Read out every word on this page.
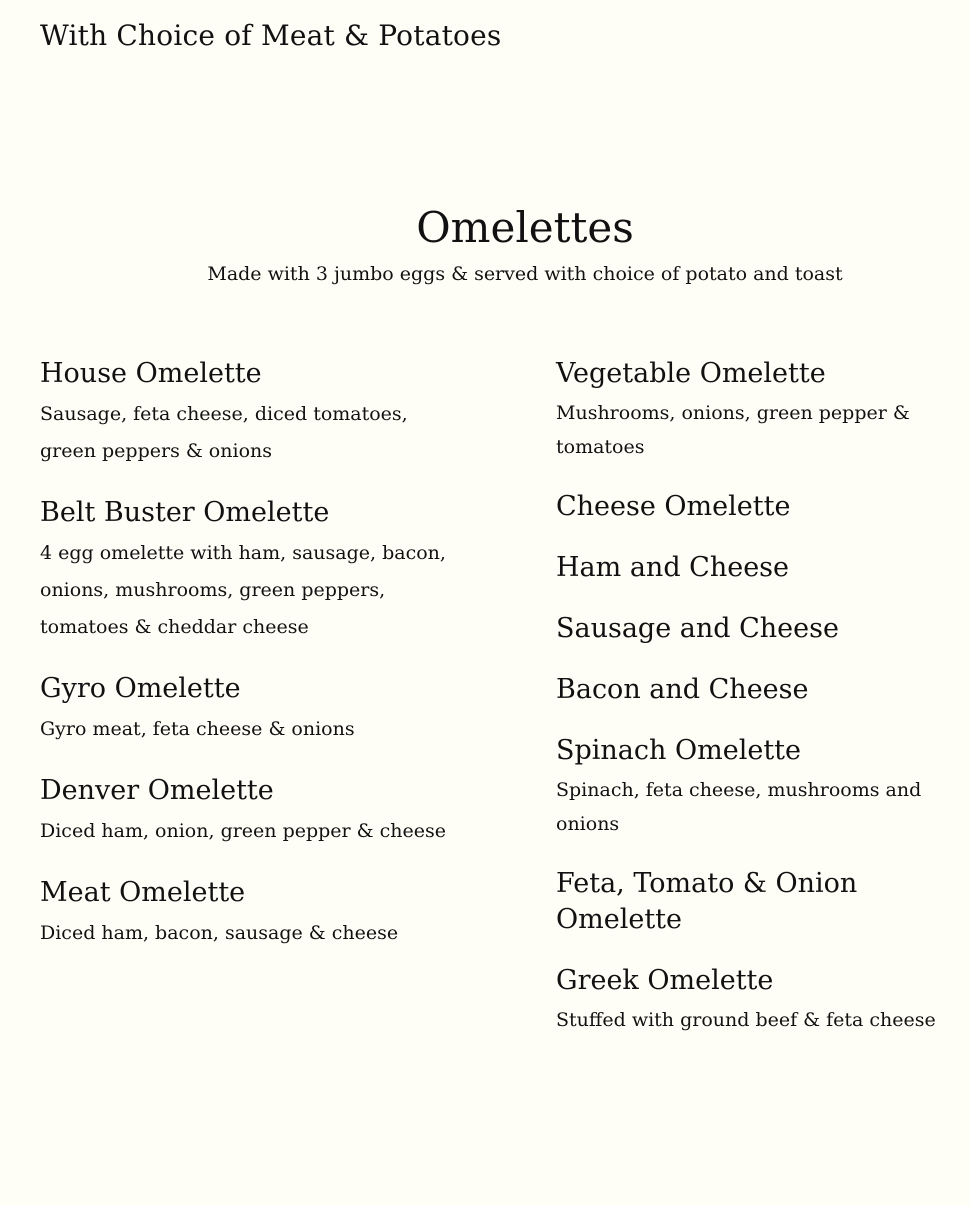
With Choice of Meat & Potatoes
Omelettes
Made with 3 jumbo eggs & served with choice of potato and toast
House Omelette
Sausage, feta cheese, diced tomatoes, green peppers & onions
Belt Buster Omelette
4 egg omelette with ham, sausage, bacon, onions, mushrooms, green peppers, tomatoes & cheddar cheese
Gyro Omelette
Gyro meat, feta cheese & onions
Denver Omelette
Diced ham, onion, green pepper & cheese
Meat Omelette
Diced ham, bacon, sausage & cheese
Vegetable Omelette
Mushrooms, onions, green pepper & tomatoes
Cheese Omelette
Ham and Cheese
Sausage and Cheese
Bacon and Cheese
Spinach Omelette
Spinach, feta cheese, mushrooms and onions
Feta, Tomato & Onion Omelette
Greek Omelette
Stuffed with ground beef & feta cheese
